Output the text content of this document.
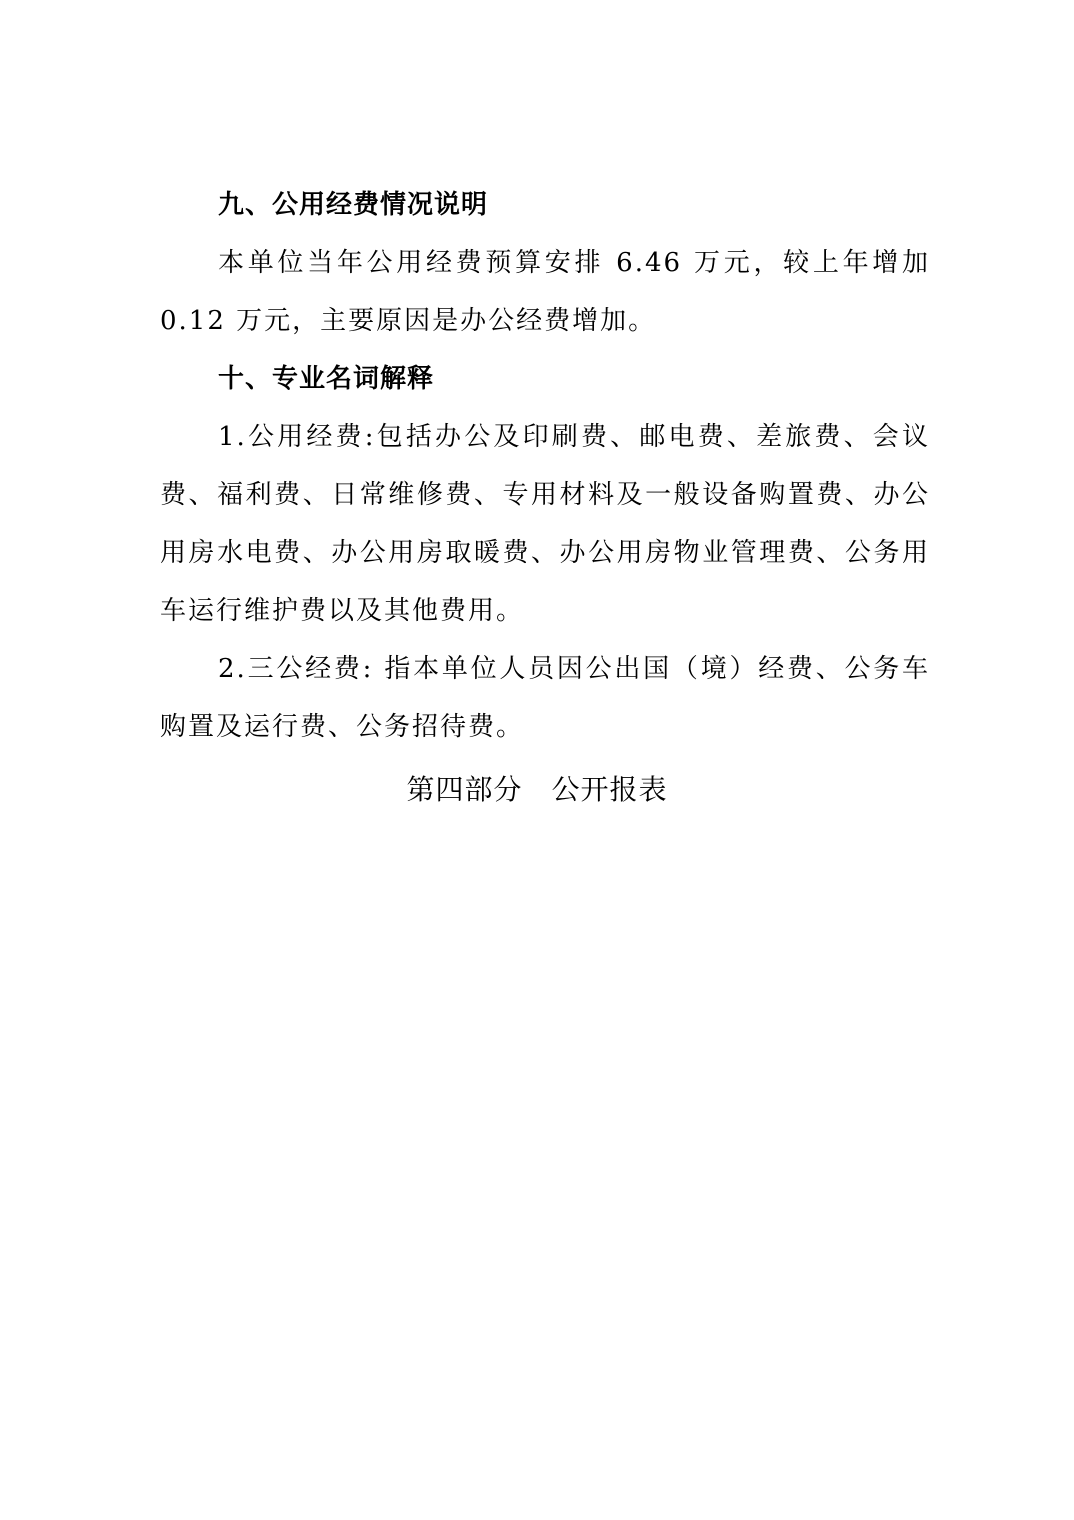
九、公用经费情况说明

本单位当年公用经费预算安排 6.46 万元，较上年增加 0.12 万元，主要原因是办公经费增加。

十、专业名词解释

1.公用经费:包括办公及印刷费、邮电费、差旅费、会议费、福利费、日常维修费、专用材料及一般设备购置费、办公用房水电费、办公用房取暖费、办公用房物业管理费、公务用车运行维护费以及其他费用。

2.三公经费: 指本单位人员因公出国（境）经费、公务车购置及运行费、公务招待费。

第四部分　公开报表
